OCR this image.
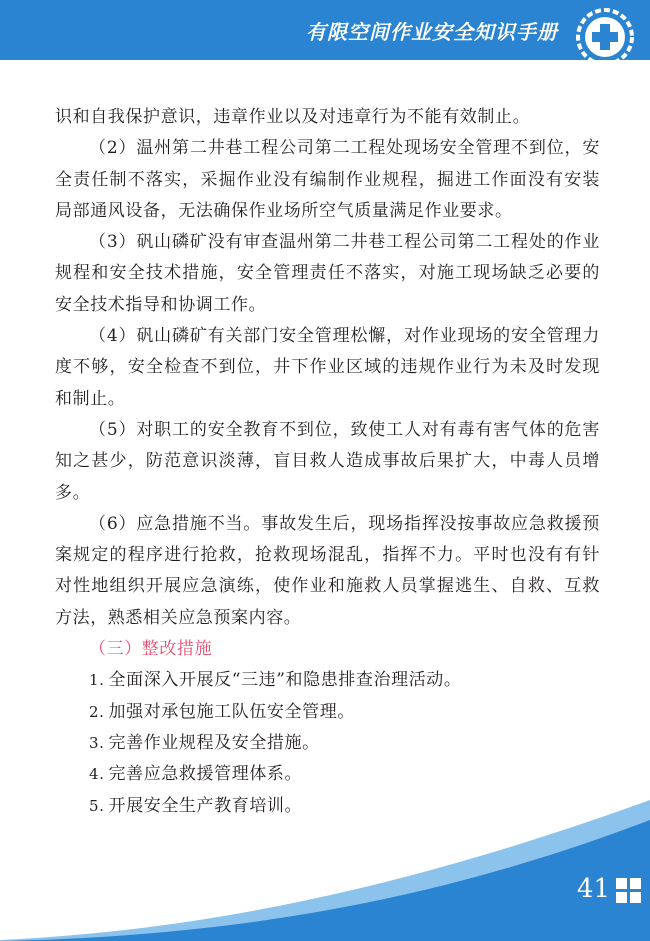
有限空间作业安全知识手册

识和自我保护意识，违章作业以及对违章行为不能有效制止。

（2）温州第二井巷工程公司第二工程处现场安全管理不到位，安全责任制不落实，采掘作业没有编制作业规程，掘进工作面没有安装局部通风设备，无法确保作业场所空气质量满足作业要求。

（3）矾山磷矿没有审查温州第二井巷工程公司第二工程处的作业规程和安全技术措施，安全管理责任不落实，对施工现场缺乏必要的安全技术指导和协调工作。

（4）矾山磷矿有关部门安全管理松懈，对作业现场的安全管理力度不够，安全检查不到位，井下作业区域的违规作业行为未及时发现和制止。

（5）对职工的安全教育不到位，致使工人对有毒有害气体的危害知之甚少，防范意识淡薄，盲目救人造成事故后果扩大，中毒人员增多。

（6）应急措施不当。事故发生后，现场指挥没按事故应急救援预案规定的程序进行抢救，抢救现场混乱，指挥不力。平时也没有有针对性地组织开展应急演练，使作业和施救人员掌握逃生、自救、互救方法，熟悉相关应急预案内容。

（三）整改措施

1. 全面深入开展反“三违”和隐患排查治理活动。

2. 加强对承包施工队伍安全管理。

3. 完善作业规程及安全措施。

4. 完善应急救援管理体系。

5. 开展安全生产教育培训。

41
